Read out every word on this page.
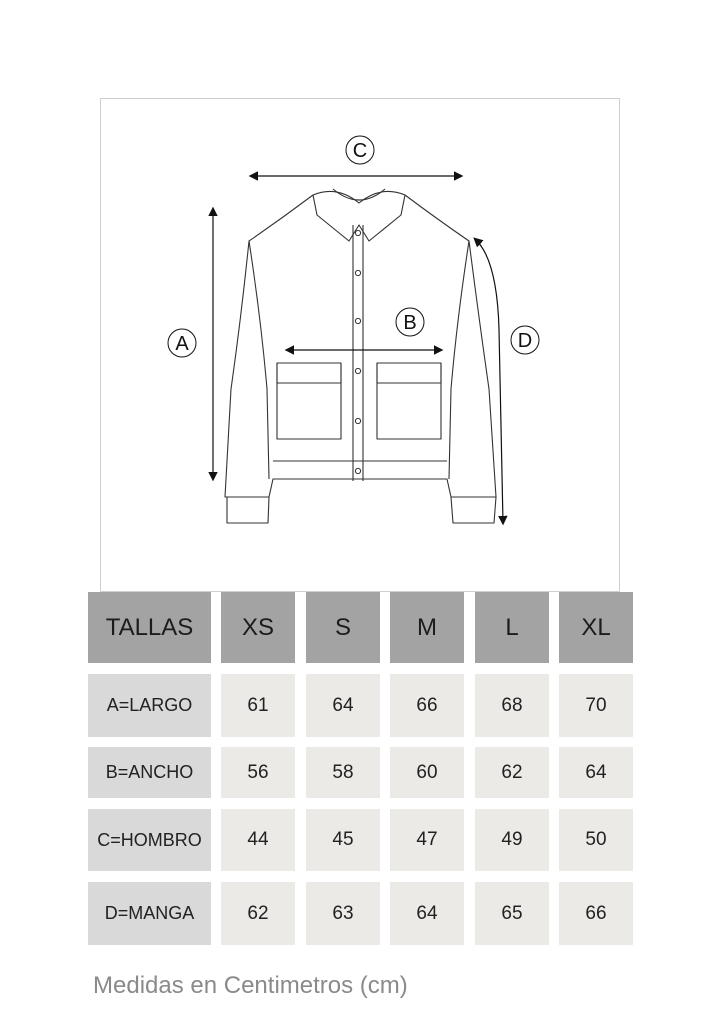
C
A
B
D
TALLAS	XS	S	M	L	XL
A=LARGO	61	64	66	68	70
B=ANCHO	56	58	60	62	64
C=HOMBRO	44	45	47	49	50
D=MANGA	62	63	64	65	66
Medidas en Centimetros (cm)
